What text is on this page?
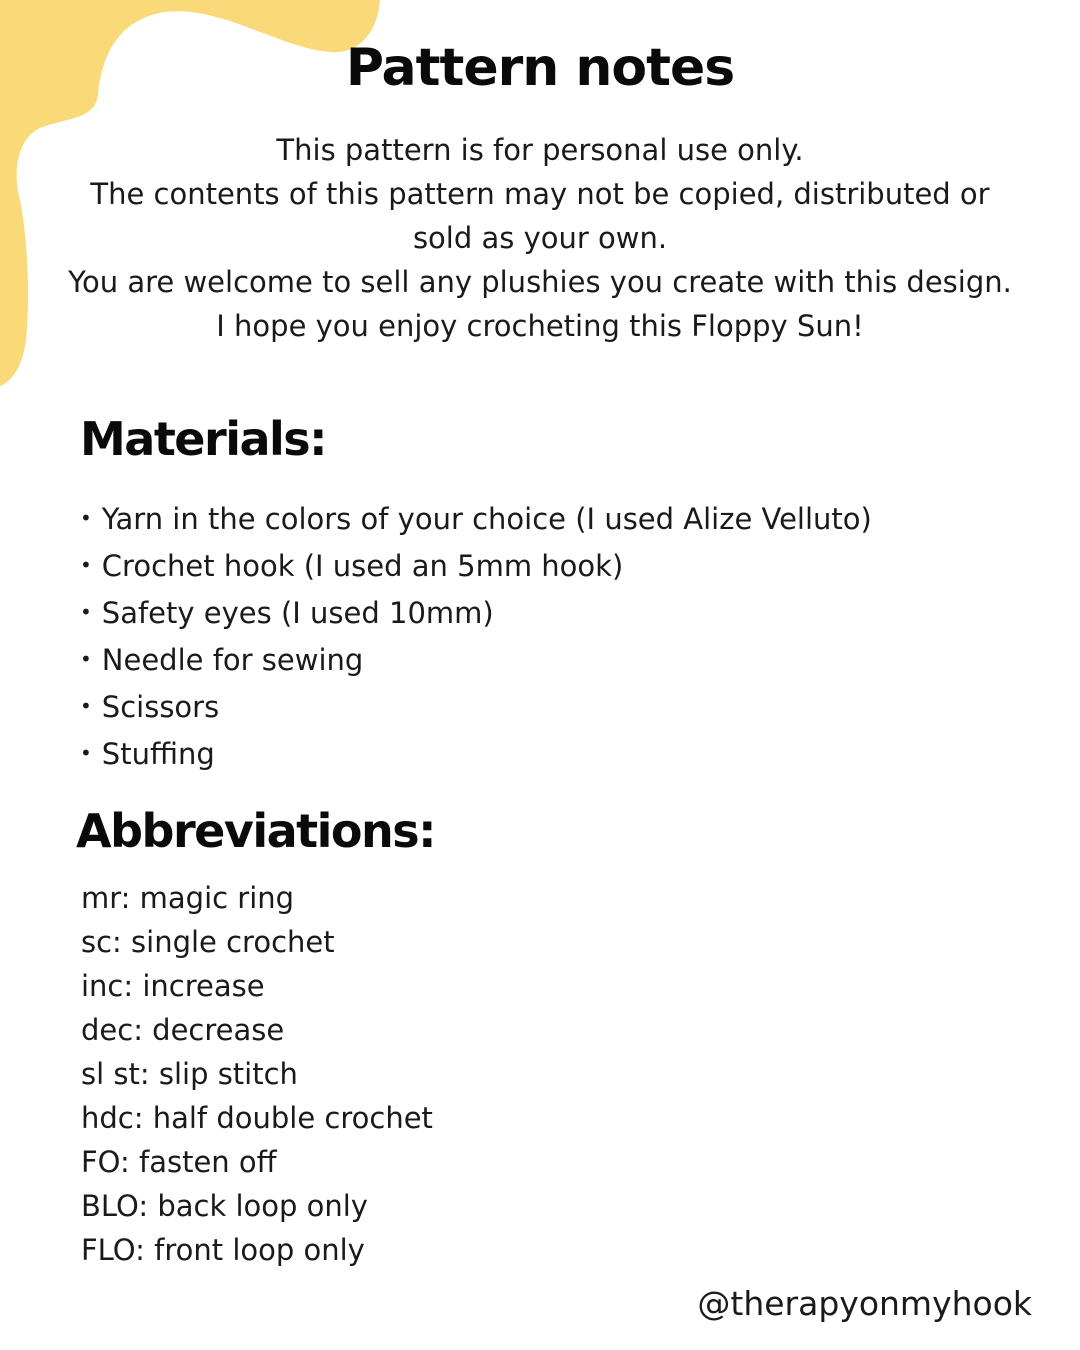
Pattern notes

This pattern is for personal use only.

The contents of this pattern may not be copied, distributed or sold as your own.

You are welcome to sell any plushies you create with this design. I hope you enjoy crocheting this Floppy Sun!

Materials:
• Yarn in the colors of your choice (I used Alize Velluto)
• Crochet hook (I used an 5mm hook)
• Safety eyes (I used 10mm)
• Needle for sewing
• Scissors
• Stuffing
Abbreviations:
mr: magic ring
sc: single crochet
inc: increase
dec: decrease
sl st: slip stitch
hdc: half double crochet
FO: fasten off
BLO: back loop only
FLO: front loop only
@therapyonmyhook
